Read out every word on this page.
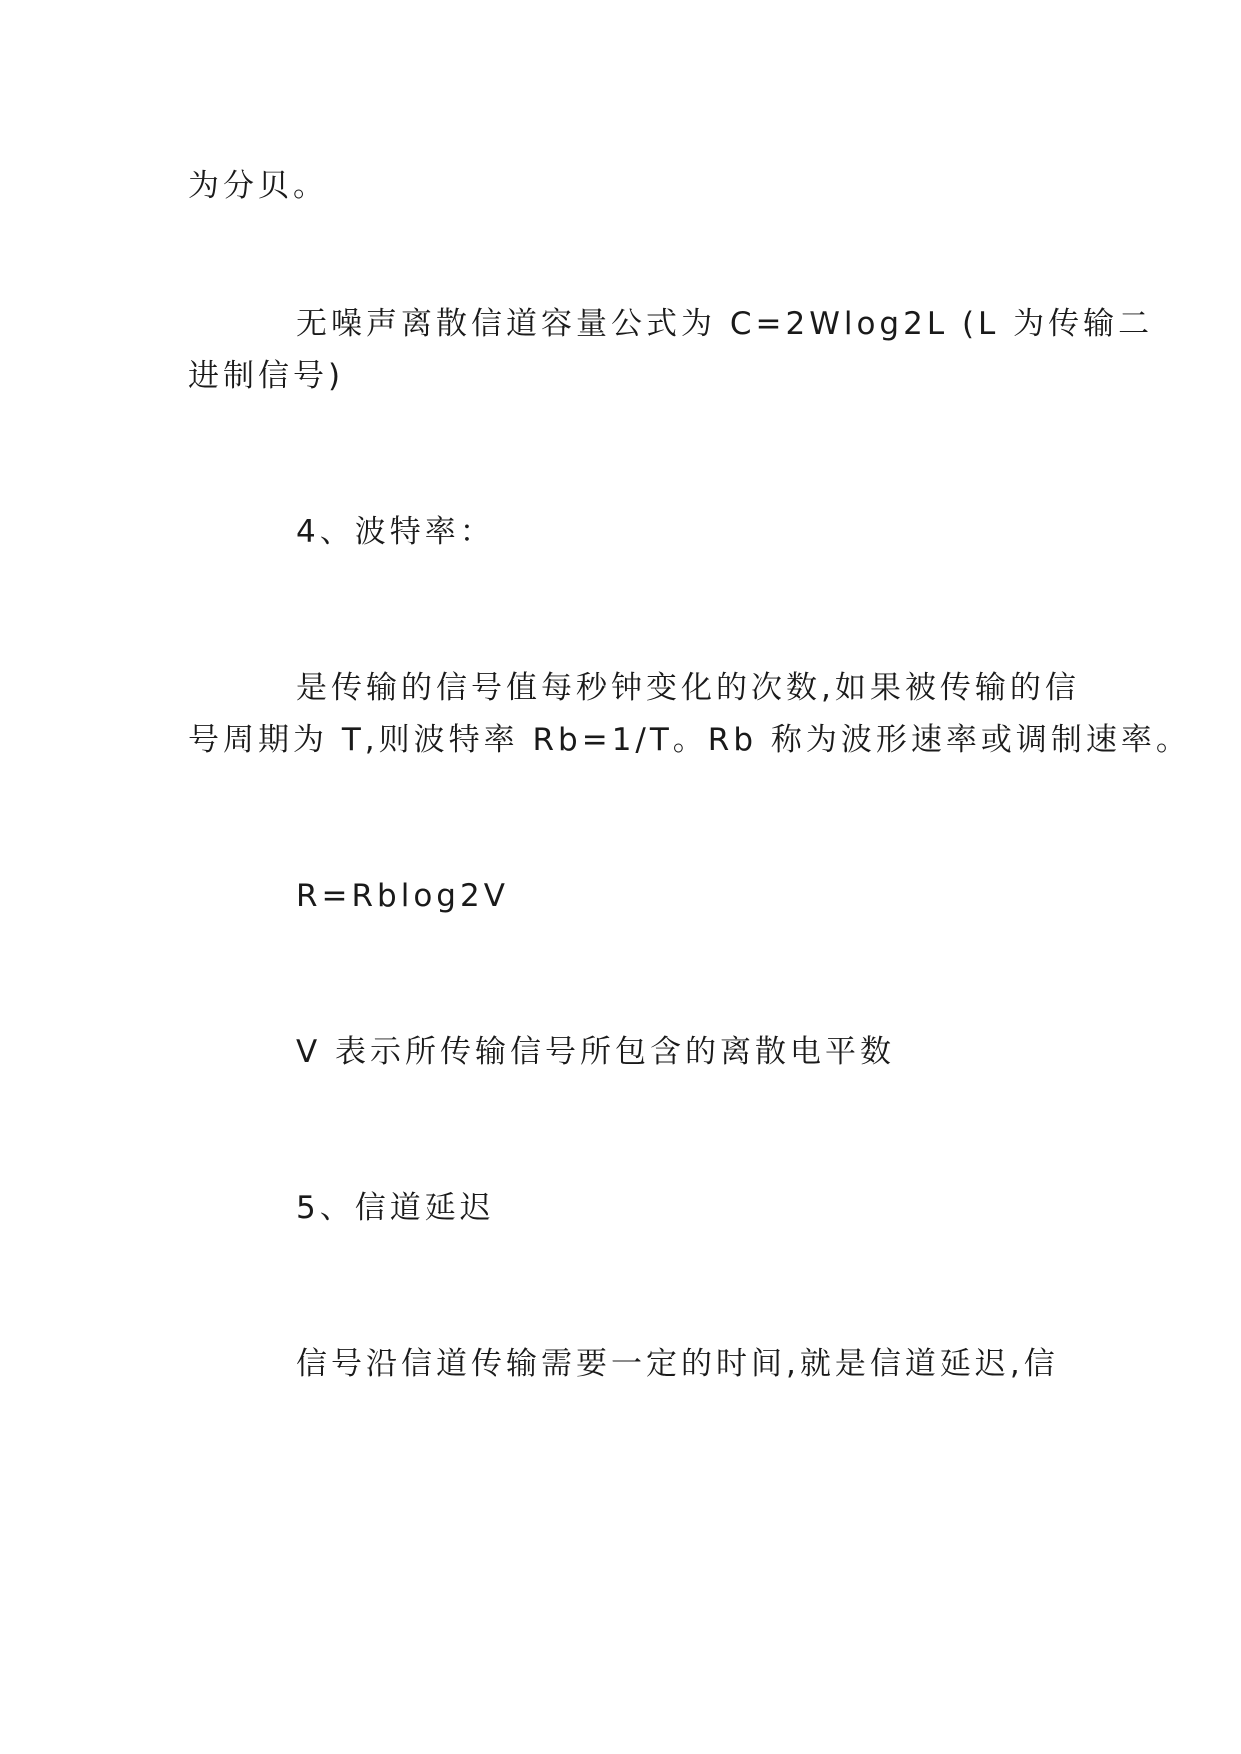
为分贝。
无噪声离散信道容量公式为 C=2Wlog2L (L 为传输二
进制信号)
4、波特率：
是传输的信号值每秒钟变化的次数,如果被传输的信
号周期为 T,则波特率 Rb=1/T。Rb 称为波形速率或调制速率。
R=Rblog2V
V 表示所传输信号所包含的离散电平数
5、信道延迟
信号沿信道传输需要一定的时间,就是信道延迟,信
